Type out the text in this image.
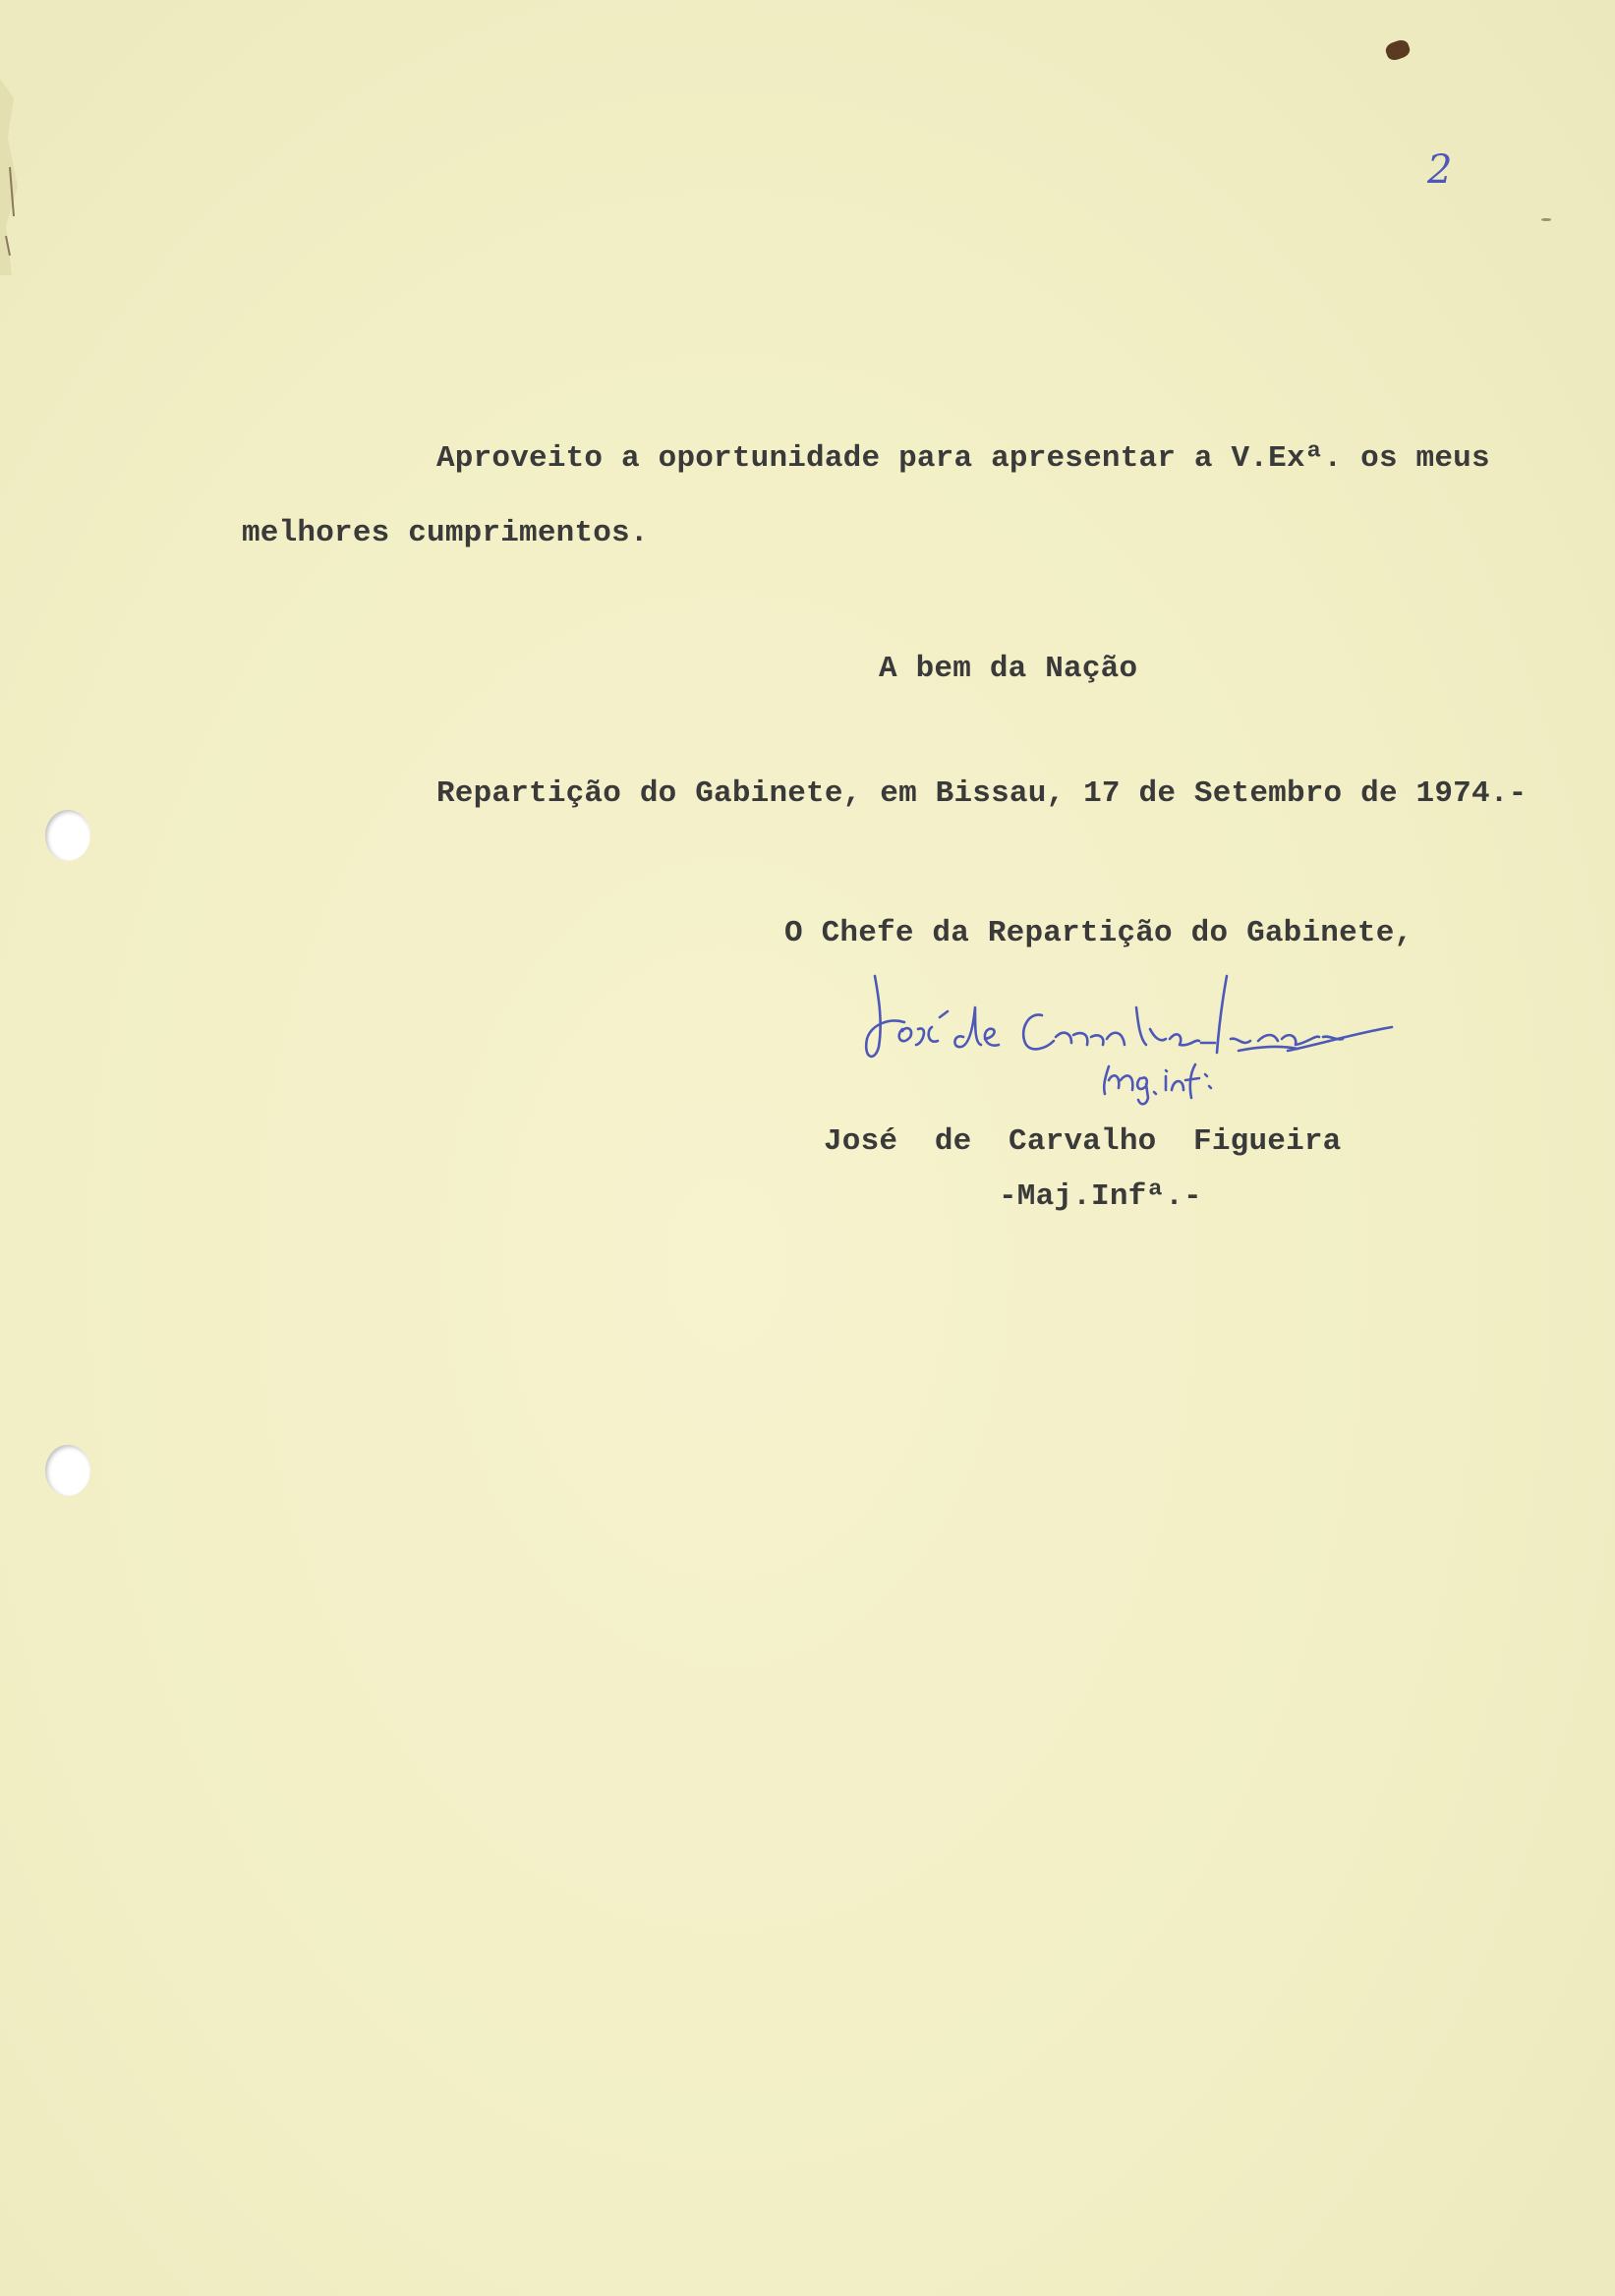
2

Aproveito a oportunidade para apresentar a V.Exª. os meus

melhores cumprimentos.

A bem da Nação

Repartição do Gabinete, em Bissau, 17 de Setembro de 1974.-

O Chefe da Repartição do Gabinete,

José  de  Carvalho  Figueira

-Maj.Infª.-
